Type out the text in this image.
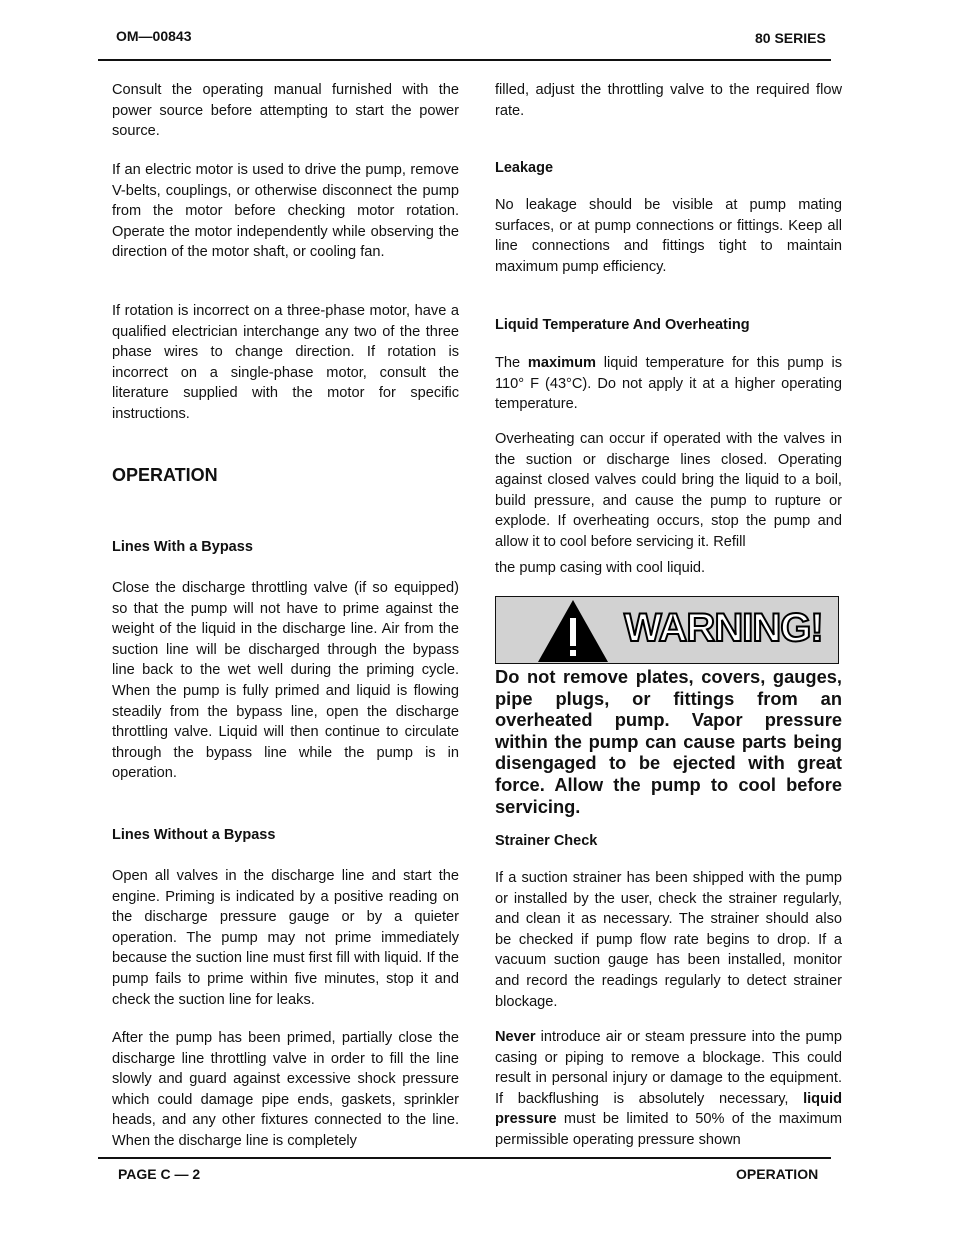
OM—00843	80 SERIES

Consult the operating manual furnished with the power source before attempting to start the power source.

If an electric motor is used to drive the pump, remove V-belts, couplings, or otherwise disconnect the pump from the motor before checking motor rotation. Operate the motor independently while observing the direction of the motor shaft, or cooling fan.

If rotation is incorrect on a three-phase motor, have a qualified electrician interchange any two of the three phase wires to change direction. If rotation is incorrect on a single-phase motor, consult the literature supplied with the motor for specific instructions.

OPERATION
Lines With a Bypass

Close the discharge throttling valve (if so equipped) so that the pump will not have to prime against the weight of the liquid in the discharge line. Air from the suction line will be discharged through the bypass line back to the wet well during the priming cycle. When the pump is fully primed and liquid is flowing steadily from the bypass line, open the discharge throttling valve. Liquid will then continue to circulate through the bypass line while the pump is in operation.

Lines Without a Bypass

Open all valves in the discharge line and start the engine. Priming is indicated by a positive reading on the discharge pressure gauge or by a quieter operation. The pump may not prime immediately because the suction line must first fill with liquid. If the pump fails to prime within five minutes, stop it and check the suction line for leaks.

After the pump has been primed, partially close the discharge line throttling valve in order to fill the line slowly and guard against excessive shock pressure which could damage pipe ends, gaskets, sprinkler heads, and any other fixtures connected to the line. When the discharge line is completely

filled, adjust the throttling valve to the required flow rate.

Leakage

No leakage should be visible at pump mating surfaces, or at pump connections or fittings. Keep all line connections and fittings tight to maintain maximum pump efficiency.

Liquid Temperature And Overheating

The maximum liquid temperature for this pump is 110° F (43°C). Do not apply it at a higher operating temperature.

Overheating can occur if operated with the valves in the suction or discharge lines closed. Operating against closed valves could bring the liquid to a boil, build pressure, and cause the pump to rupture or explode. If overheating occurs, stop the pump and allow it to cool before servicing it. Refill

the pump casing with cool liquid.

WARNING!

Do not remove plates, covers, gauges, pipe plugs, or fittings from an overheated pump. Vapor pressure within the pump can cause parts being disengaged to be ejected with great force. Allow the pump to cool before servicing.

Strainer Check

If a suction strainer has been shipped with the pump or installed by the user, check the strainer regularly, and clean it as necessary. The strainer should also be checked if pump flow rate begins to drop. If a vacuum suction gauge has been installed, monitor and record the readings regularly to detect strainer blockage.

Never introduce air or steam pressure into the pump casing or piping to remove a blockage. This could result in personal injury or damage to the equipment. If backflushing is absolutely necessary, liquid pressure must be limited to 50% of the maximum permissible operating pressure shown

PAGE C — 2	OPERATION
